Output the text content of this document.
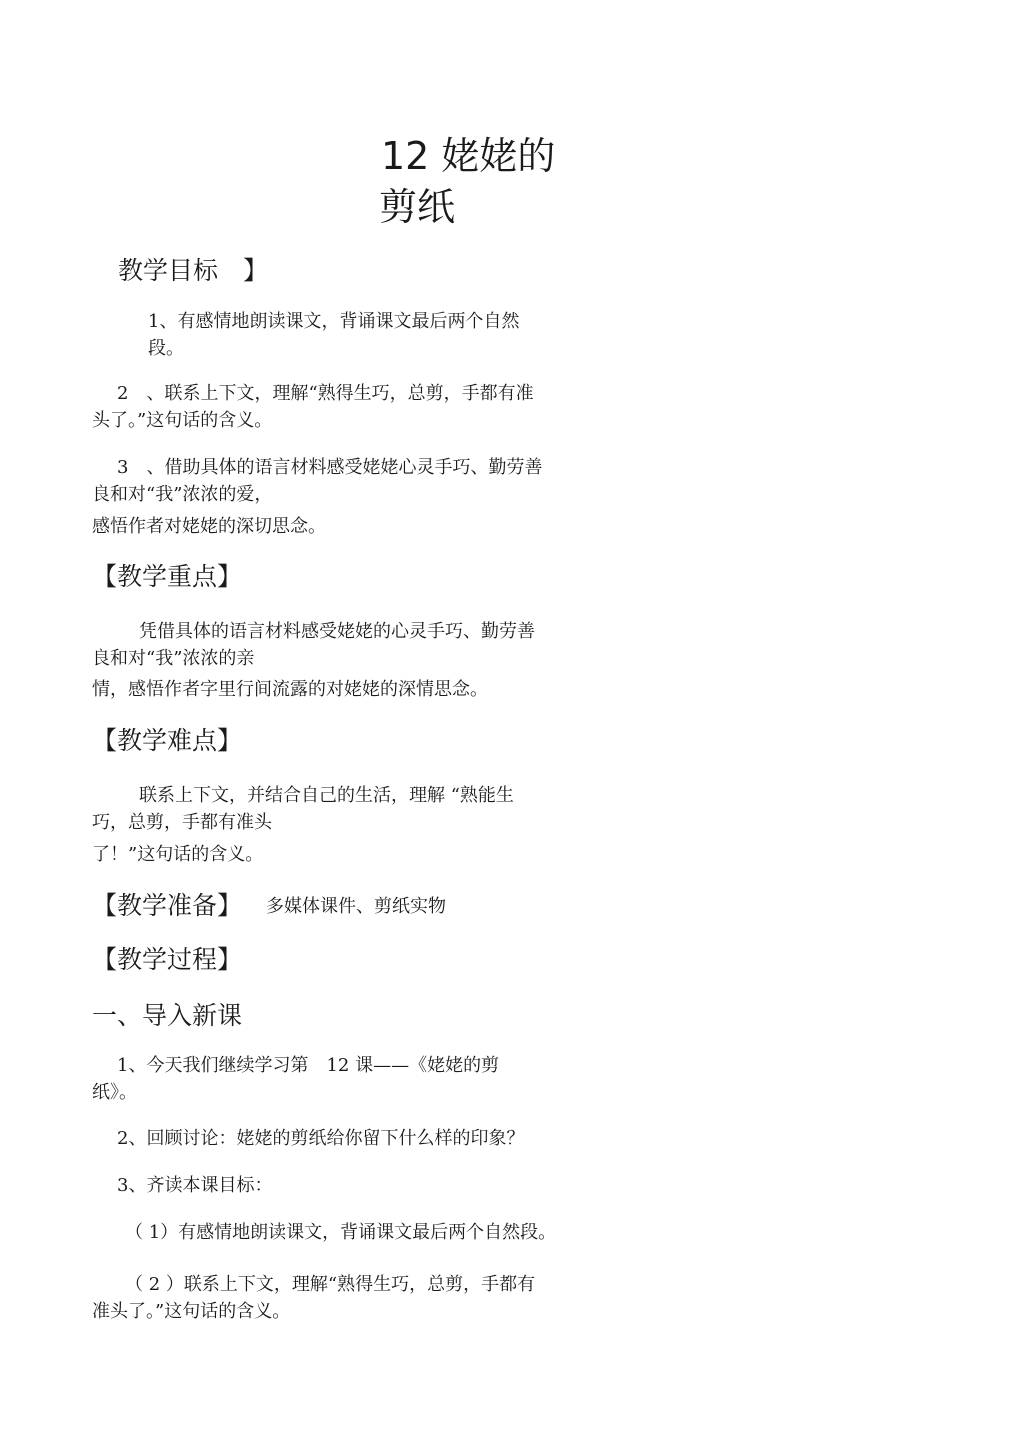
12 姥姥的
剪纸
教学目标　】
1、有感情地朗读课文，背诵课文最后两个自然
段。
2　、联系上下文，理解“熟得生巧，总剪，手都有准
头了。”这句话的含义。
3　、借助具体的语言材料感受姥姥心灵手巧、勤劳善
良和对“我”浓浓的爱，
感悟作者对姥姥的深切思念。
【教学重点】
凭借具体的语言材料感受姥姥的心灵手巧、勤劳善
良和对“我”浓浓的亲
情，感悟作者字里行间流露的对姥姥的深情思念。
【教学难点】
联系上下文，并结合自己的生活，理解 “熟能生
巧，总剪，手都有准头
了！”这句话的含义。
【教学准备】 多媒体课件、剪纸实物
【教学过程】
一、导入新课
1、今天我们继续学习第　12 课——《姥姥的剪
纸》。
2、回顾讨论：姥姥的剪纸给你留下什么样的印象？
3、齐读本课目标：
（ 1）有感情地朗读课文，背诵课文最后两个自然段。
（ 2 ）联系上下文，理解“熟得生巧，总剪，手都有
准头了。”这句话的含义。
